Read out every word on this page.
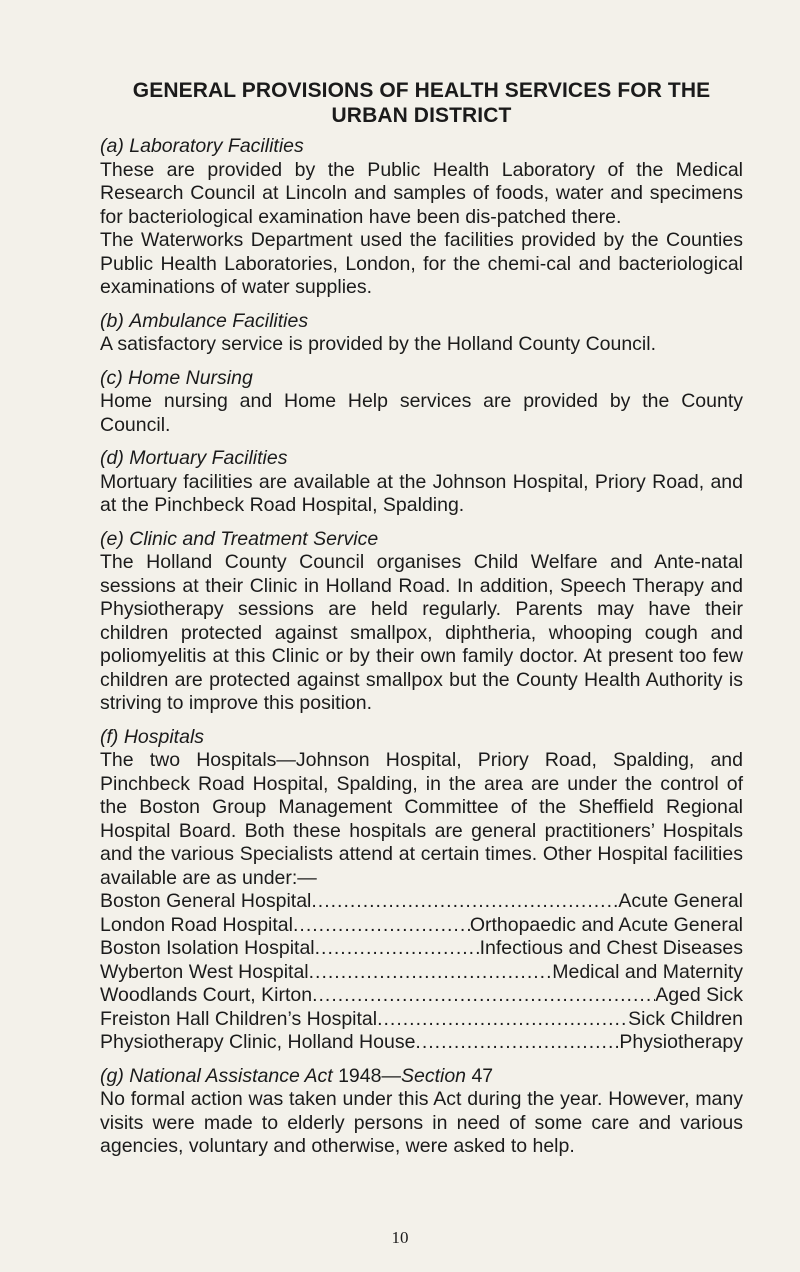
GENERAL PROVISIONS OF HEALTH SERVICES FOR THE
URBAN DISTRICT
(a) Laboratory Facilities

These are provided by the Public Health Laboratory of the Medical Research Council at Lincoln and samples of foods, water and specimens for bacteriological examination have been dis-patched there.

The Waterworks Department used the facilities provided by the Counties Public Health Laboratories, London, for the chemi-cal and bacteriological examinations of water supplies.

(b) Ambulance Facilities

A satisfactory service is provided by the Holland County Council.

(c) Home Nursing

Home nursing and Home Help services are provided by the County Council.

(d) Mortuary Facilities

Mortuary facilities are available at the Johnson Hospital, Priory Road, and at the Pinchbeck Road Hospital, Spalding.

(e) Clinic and Treatment Service

The Holland County Council organises Child Welfare and Ante-natal sessions at their Clinic in Holland Road. In addition, Speech Therapy and Physiotherapy sessions are held regularly. Parents may have their children protected against smallpox, diphtheria, whooping cough and poliomyelitis at this Clinic or by their own family doctor. At present too few children are protected against smallpox but the County Health Authority is striving to improve this position.

(f) Hospitals

The two Hospitals—Johnson Hospital, Priory Road, Spalding, and Pinchbeck Road Hospital, Spalding, in the area are under the control of the Boston Group Management Committee of the Sheffield Regional Hospital Board. Both these hospitals are general practitioners’ Hospitals and the various Specialists attend at certain times. Other Hospital facilities available are as under:—

Boston General Hospital .....	Acute General
London Road Hospital .....	Orthopaedic and Acute General
Boston Isolation Hospital .....	Infectious and Chest Diseases
Wyberton West Hospital .....	Medical and Maternity
Woodlands Court, Kirton .....	Aged Sick
Freiston Hall Children’s Hospital .....	Sick Children
Physiotherapy Clinic, Holland House .....	Physiotherapy
(g) National Assistance Act 1948—Section 47

No formal action was taken under this Act during the year. However, many visits were made to elderly persons in need of some care and various agencies, voluntary and otherwise, were asked to help.

10
